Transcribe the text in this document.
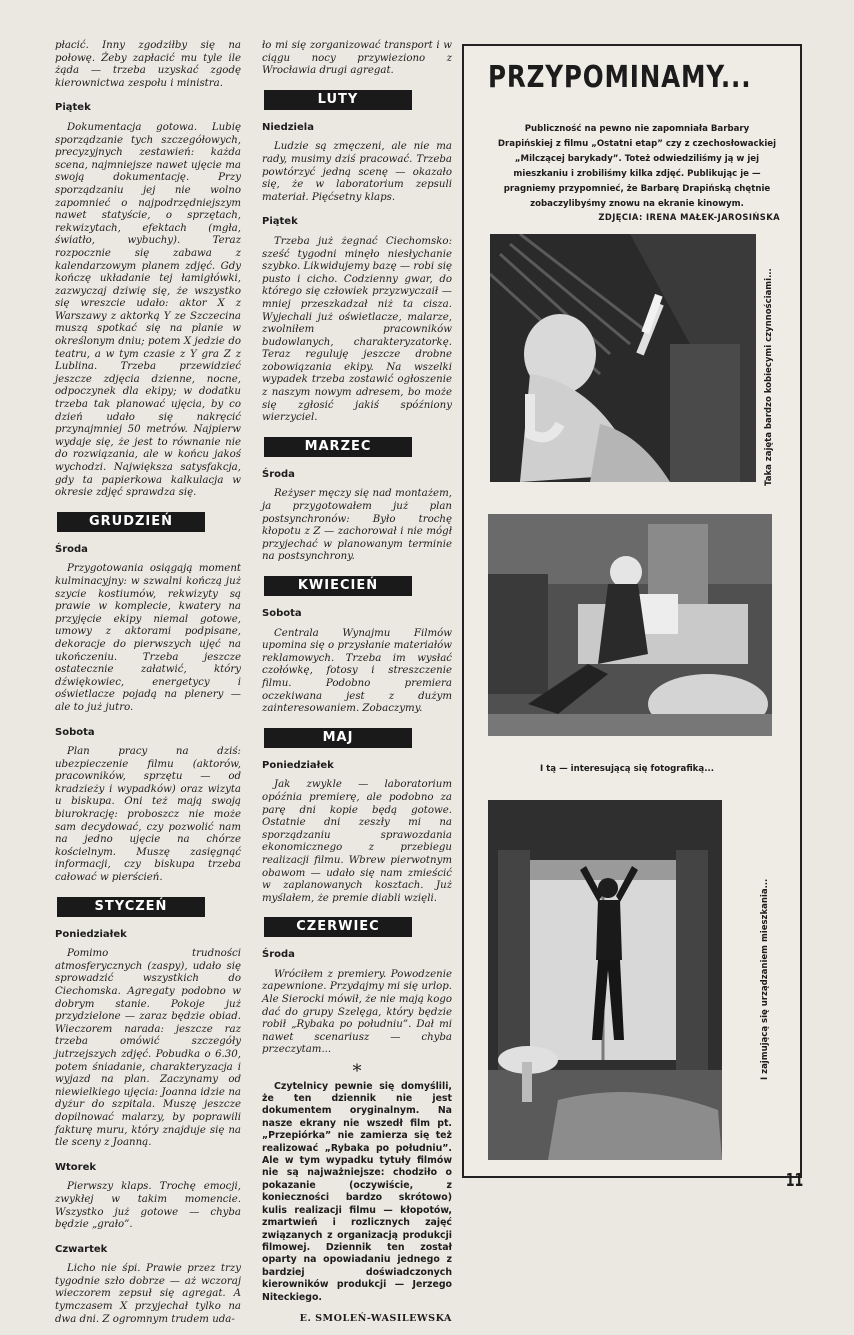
płacić. Inny zgodziłby się na połowę. Żeby zapłacić mu tyle ile żąda — trzeba uzyskać zgodę kierownictwa zespołu i ministra.

Piątek

Dokumentacja gotowa. Lubię sporządzanie tych szczegółowych, precyzyjnych zestawień: każda scena, najmniejsze nawet ujęcie ma swoją dokumentację. Przy sporządzaniu jej nie wolno zapomnieć o najpodrzędniejszym nawet statyście, o sprzętach, rekwizytach, efektach (mgła, światło, wybuchy). Teraz rozpocznie się zabawa z kalendarzowym planem zdjęć. Gdy kończę układanie tej łamigłówki, zazwyczaj dziwię się, że wszystko się wreszcie udało: aktor X z Warszawy z aktorką Y ze Szczecina muszą spotkać się na planie w określonym dniu; potem X jedzie do teatru, a w tym czasie z Y gra Z z Lublina. Trzeba przewidzieć jeszcze zdjęcia dzienne, nocne, odpoczynek dla ekipy; w dodatku trzeba tak planować ujęcia, by co dzień udało się nakręcić przynajmniej 50 metrów. Najpierw wydaje się, że jest to równanie nie do rozwiązania, ale w końcu jakoś wychodzi. Największa satysfakcja, gdy ta papierkowa kalkulacja w okresie zdjęć sprawdza się.

GRUDZIEŃ
Środa

Przygotowania osiągają moment kulminacyjny: w szwalni kończą już szycie kostiumów, rekwizyty są prawie w komplecie, kwatery na przyjęcie ekipy niemal gotowe, umowy z aktorami podpisane, dekoracje do pierwszych ujęć na ukończeniu. Trzeba jeszcze ostatecznie załatwić, który dźwiękowiec, energetycy i oświetlacze pojadą na plenery — ale to już jutro.

Sobota

Plan pracy na dziś: ubezpieczenie filmu (aktorów, pracowników, sprzętu — od kradzieży i wypadków) oraz wizyta u biskupa. Oni też mają swoją biurokrację: proboszcz nie może sam decydować, czy pozwolić nam na jedno ujęcie na chórze kościelnym. Muszę zasięgnąć informacji, czy biskupa trzeba całować w pierścień.

STYCZEŃ
Poniedziałek

Pomimo trudności atmosferycznych (zaspy), udało się sprowadzić wszystkich do Ciechomska. Agregaty podobno w dobrym stanie. Pokoje już przydzielone — zaraz będzie obiad. Wieczorem narada: jeszcze raz trzeba omówić szczegóły jutrzejszych zdjęć. Pobudka o 6.30, potem śniadanie, charakteryzacja i wyjazd na plan. Zaczynamy od niewielkiego ujęcia: Joanna idzie na dyżur do szpitala. Muszę jeszcze dopilnować malarzy, by poprawili fakturę muru, który znajduje się na tle sceny z Joanną.

Wtorek

Pierwszy klaps. Trochę emocji, zwykłej w takim momencie. Wszystko już gotowe — chyba będzie „grało”.

Czwartek

Licho nie śpi. Prawie przez trzy tygodnie szło dobrze — aż wczoraj wieczorem zepsuł się agregat. A tymczasem X przyjechał tylko na dwa dni. Z ogromnym trudem uda-

ło mi się zorganizować transport i w ciągu nocy przywieziono z Wrocławia drugi agregat.

LUTY
Niedziela

Ludzie są zmęczeni, ale nie ma rady, musimy dziś pracować. Trzeba powtórzyć jedną scenę — okazało się, że w laboratorium zepsuli materiał. Pięćsetny klaps.

Piątek

Trzeba już żegnać Ciechomsko: sześć tygodni minęło niesłychanie szybko. Likwidujemy bazę — robi się pusto i cicho. Codzienny gwar, do którego się człowiek przyzwyczaił — mniej przeszkadzał niż ta cisza. Wyjechali już oświetlacze, malarze, zwolniłem pracowników budowlanych, charakteryzatorkę. Teraz reguluję jeszcze drobne zobowiązania ekipy. Na wszelki wypadek trzeba zostawić ogłoszenie z naszym nowym adresem, bo może się zgłosić jakiś spóźniony wierzyciel.

MARZEC
Środa

Reżyser męczy się nad montażem, ja przygotowałem już plan postsynchronów: Było trochę kłopotu z Z — zachorował i nie mógł przyjechać w planowanym terminie na postsynchrony.

KWIECIEŃ
Sobota

Centrala Wynajmu Filmów upomina się o przysłanie materiałów reklamowych. Trzeba im wysłać czołówkę, fotosy i streszczenie filmu. Podobno premiera oczekiwana jest z dużym zainteresowaniem. Zobaczymy.

MAJ
Poniedziałek

Jak zwykle — laboratorium opóźnia premierę, ale podobno za parę dni kopie będą gotowe. Ostatnie dni zeszły mi na sporządzaniu sprawozdania ekonomicznego z przebiegu realizacji filmu. Wbrew pierwotnym obawom — udało się nam zmieścić w zaplanowanych kosztach. Już myślałem, że premie diabli wzięli.

CZERWIEC
Środa

Wróciłem z premiery. Powodzenie zapewnione. Przydajmy mi się urlop. Ale Sierocki mówił, że nie mają kogo dać do grupy Szelęga, który będzie robił „Rybaka po południu”. Dał mi nawet scenariusz — chyba przeczytam...

*

Czytelnicy pewnie się domyślili, że ten dziennik nie jest dokumentem oryginalnym. Na nasze ekrany nie wszedł film pt. „Przepiórka” nie zamierza się też realizować „Rybaka po południu”. Ale w tym wypadku tytuły filmów nie są najważniejsze: chodziło o pokazanie (oczywiście, z konieczności bardzo skrótowo) kulis realizacji filmu — kłopotów, zmartwień i rozlicznych zajęć związanych z organizacją produkcji filmowej. Dziennik ten został oparty na opowiadaniu jednego z bardziej doświadczonych kierowników produkcji — Jerzego Niteckiego.

E. SMOLEŃ-WASILEWSKA
PRZYPOMINAMY...
Publiczność na pewno nie zapomniała Barbary Drapińskiej z filmu „Ostatni etap” czy z czechosłowackiej „Milczącej barykady”. Toteż odwiedziliśmy ją w jej mieszkaniu i zrobiliśmy kilka zdjęć. Publikując je — pragniemy przypomnieć, że Barbarę Drapińską chętnie zobaczylibyśmy znowu na ekranie kinowym.
ZDJĘCIA: IRENA MAŁEK-JAROSIŃSKA
Taka zajęta bardzo kobiecymi czynnościami...
I tą — interesującą się fotografiką...
I zajmującą się urządzaniem mieszkania...
11
